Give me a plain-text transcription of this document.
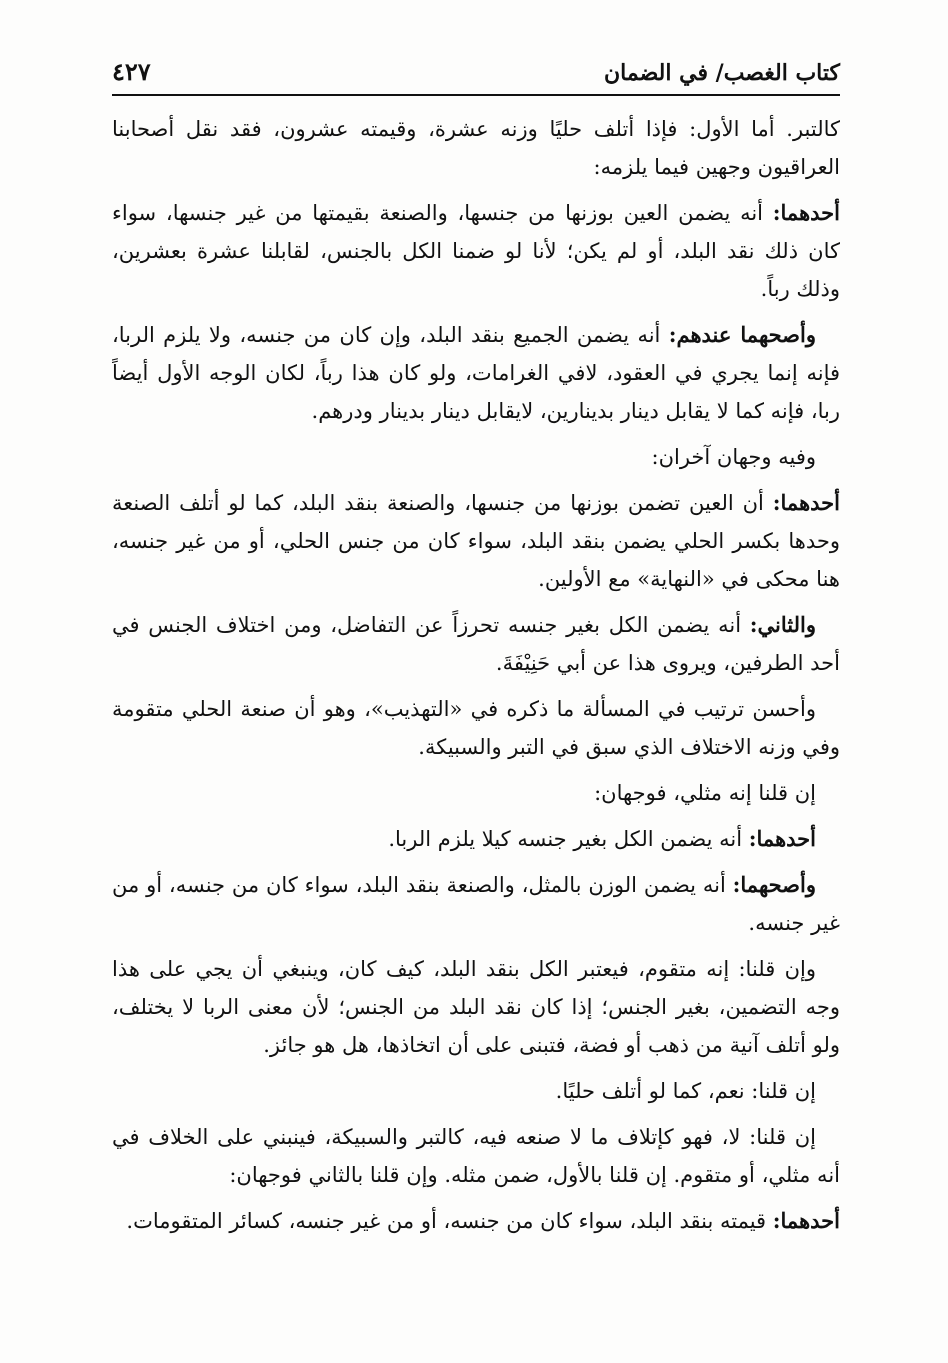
كتاب الغصب/ في الضمان
٤٢٧

كالتبر. أما الأول: فإذا أتلف حليًا وزنه عشرة، وقيمته عشرون، فقد نقل أصحابنا العراقيون وجهين فيما يلزمه:

أحدهما: أنه يضمن العين بوزنها من جنسها، والصنعة بقيمتها من غير جنسها، سواء كان ذلك نقد البلد، أو لم يكن؛ لأنا لو ضمنا الكل بالجنس، لقابلنا عشرة بعشرين، وذلك رباً.

وأصحهما عندهم: أنه يضمن الجميع بنقد البلد، وإن كان من جنسه، ولا يلزم الربا، فإنه إنما يجري في العقود، لافي الغرامات، ولو كان هذا رباً، لكان الوجه الأول أيضاً ربا، فإنه كما لا يقابل دينار بدينارين، لايقابل دينار بدينار ودرهم.

وفيه وجهان آخران:

أحدهما: أن العين تضمن بوزنها من جنسها، والصنعة بنقد البلد، كما لو أتلف الصنعة وحدها بكسر الحلي يضمن بنقد البلد، سواء كان من جنس الحلي، أو من غير جنسه، هنا محكى في «النهاية» مع الأولين.

والثاني: أنه يضمن الكل بغير جنسه تحرزاً عن التفاضل، ومن اختلاف الجنس في أحد الطرفين، ويروى هذا عن أبي حَنِيْفَةَ.

وأحسن ترتيب في المسألة ما ذكره في «التهذيب»، وهو أن صنعة الحلي متقومة وفي وزنه الاختلاف الذي سبق في التبر والسبيكة.

إن قلنا إنه مثلي، فوجهان:

أحدهما: أنه يضمن الكل بغير جنسه كيلا يلزم الربا.

وأصحهما: أنه يضمن الوزن بالمثل، والصنعة بنقد البلد، سواء كان من جنسه، أو من غير جنسه.

وإن قلنا: إنه متقوم، فيعتبر الكل بنقد البلد، كيف كان، وينبغي أن يجي على هذا وجه التضمين، بغير الجنس؛ إذا كان نقد البلد من الجنس؛ لأن معنى الربا لا يختلف، ولو أتلف آنية من ذهب أو فضة، فتبنى على أن اتخاذها، هل هو جائز.

إن قلنا: نعم، كما لو أتلف حليًا.

إن قلنا: لا، فهو كإتلاف ما لا صنعه فيه، كالتبر والسبيكة، فينبني على الخلاف في أنه مثلي، أو متقوم. إن قلنا بالأول، ضمن مثله. وإن قلنا بالثاني فوجهان:

أحدهما: قيمته بنقد البلد، سواء كان من جنسه، أو من غير جنسه، كسائر المتقومات.
